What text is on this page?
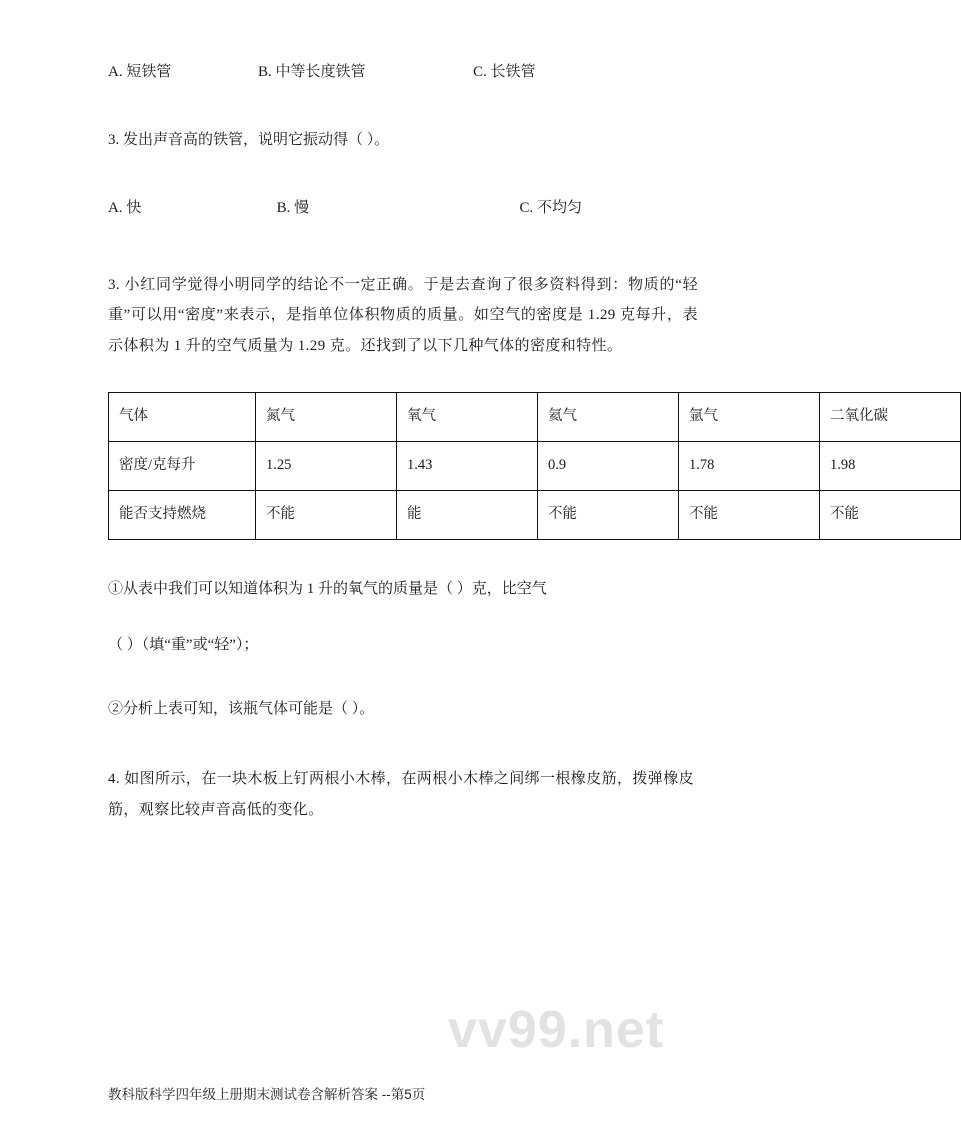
A. 短铁管	B. 中等长度铁管	C. 长铁管
3. 发出声音高的铁管，说明它振动得（ ）。
A. 快	B. 慢	C. 不均匀
3. 小红同学觉得小明同学的结论不一定正确。于是去查询了很多资料得到：物质的“轻重”可以用“密度”来表示，是指单位体积物质的质量。如空气的密度是 1.29 克每升，表示体积为 1 升的空气质量为 1.29 克。还找到了以下几种气体的密度和特性。
气体	氮气	氧气	氦气	氩气	二氧化碳
密度/克每升	1.25	1.43	0.9	1.78	1.98
能否支持燃烧	不能	能	不能	不能	不能
①从表中我们可以知道体积为 1 升的氧气的质量是（ ）克，比空气
（ ）（填“重”或“轻”）；
②分析上表可知，该瓶气体可能是（ ）。
4. 如图所示，在一块木板上钉两根小木棒，在两根小木棒之间绑一根橡皮筋，拨弹橡皮筋，观察比较声音高低的变化。
vv99.net
教科版科学四年级上册期末测试卷含解析答案 --第5页
